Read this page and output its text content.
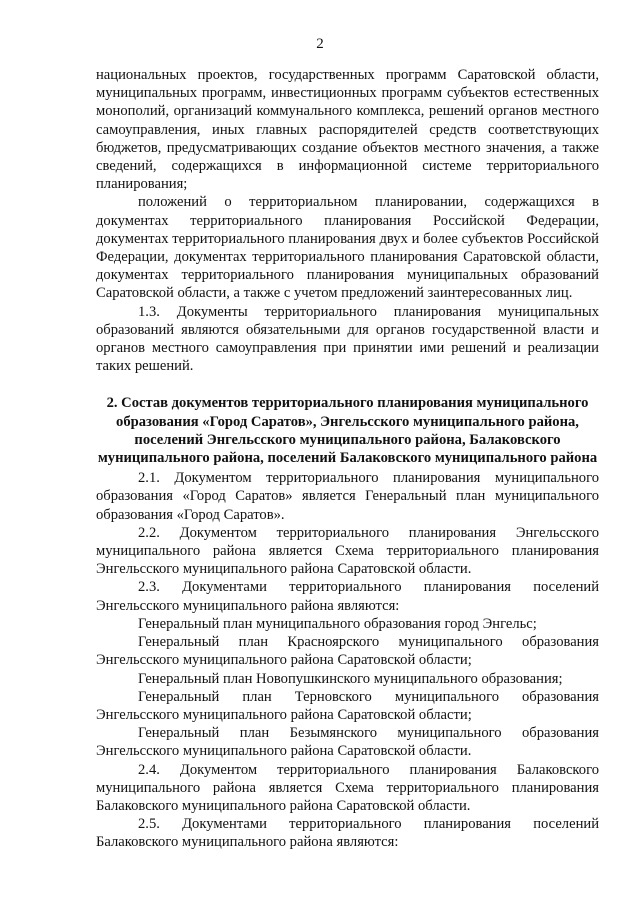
2

национальных проектов, государственных программ Саратовской области, муниципальных программ, инвестиционных программ субъектов естественных монополий, организаций коммунального комплекса, решений органов местного самоуправления, иных главных распорядителей средств соответствующих бюджетов, предусматривающих создание объектов местного значения, а также сведений, содержащихся в информационной системе территориального планирования;

положений о территориальном планировании, содержащихся в документах территориального планирования Российской Федерации, документах территориального планирования двух и более субъектов Российской Федерации, документах территориального планирования Саратовской области, документах территориального планирования муниципальных образований Саратовской области, а также с учетом предложений заинтересованных лиц.

1.3. Документы территориального планирования муниципальных образований являются обязательными для органов государственной власти и органов местного самоуправления при принятии ими решений и реализации таких решений.

2. Состав документов территориального планирования муниципального образования «Город Саратов», Энгельсского муниципального района, поселений Энгельсского муниципального района, Балаковского муниципального района, поселений Балаковского муниципального района

2.1. Документом территориального планирования муниципального образования «Город Саратов» является Генеральный план муниципального образования «Город Саратов».

2.2. Документом территориального планирования Энгельсского муниципального района является Схема территориального планирования Энгельсского муниципального района Саратовской области.

2.3. Документами территориального планирования поселений Энгельсского муниципального района являются:

Генеральный план муниципального образования город Энгельс;

Генеральный план Красноярского муниципального образования Энгельсского муниципального района Саратовской области;

Генеральный план Новопушкинского муниципального образования;

Генеральный план Терновского муниципального образования Энгельсского муниципального района Саратовской области;

Генеральный план Безымянского муниципального образования Энгельсского муниципального района Саратовской области.

2.4. Документом территориального планирования Балаковского муниципального района является Схема территориального планирования Балаковского муниципального района Саратовской области.

2.5. Документами территориального планирования поселений Балаковского муниципального района являются:
